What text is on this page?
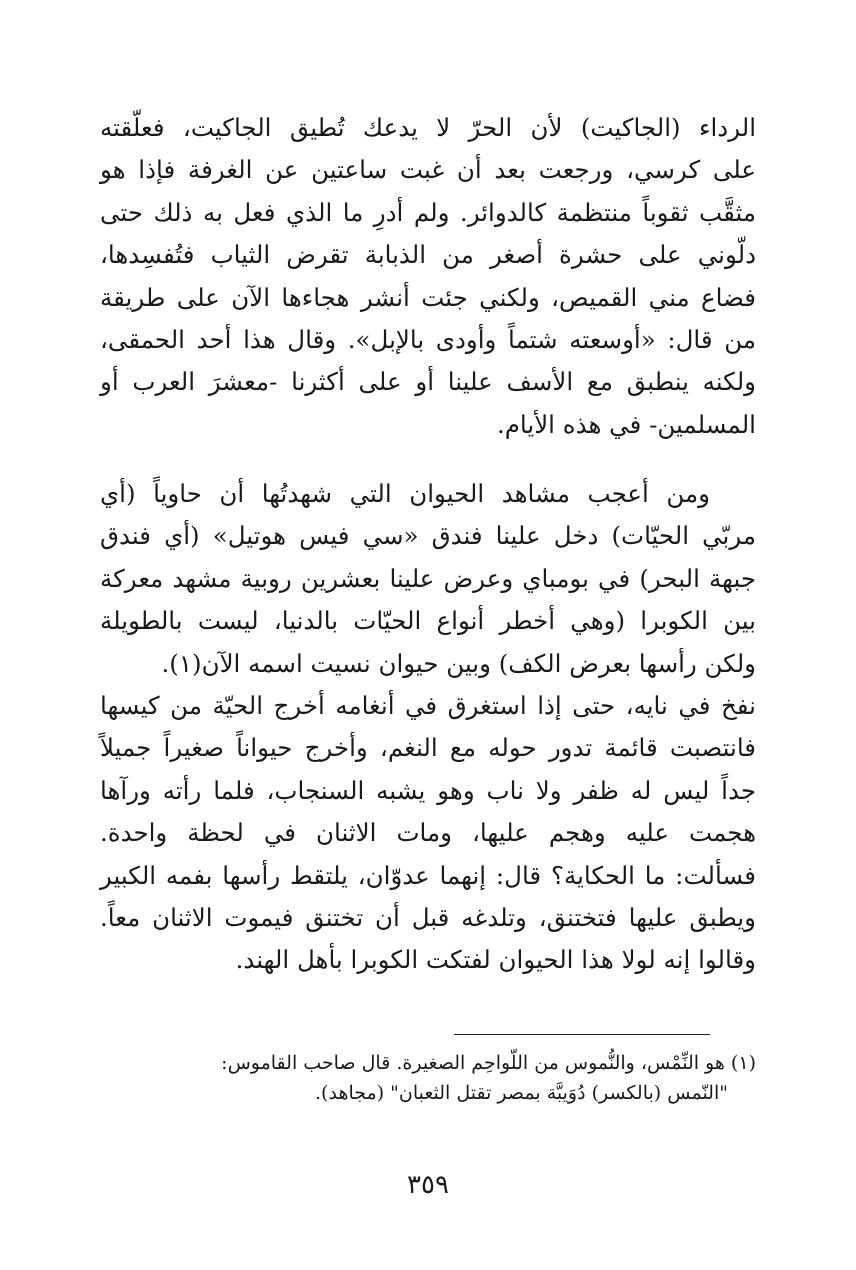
الرداء (الجاكيت) لأن الحرّ لا يدعك تُطيق الجاكيت، فعلّقته
على كرسي، ورجعت بعد أن غبت ساعتين عن الغرفة فإذا هو
مثقَّب ثقوباً منتظمة كالدوائر. ولم أدرِ ما الذي فعل به ذلك حتى
دلّوني على حشرة أصغر من الذبابة تقرض الثياب فتُفسِدها،
فضاع مني القميص، ولكني جئت أنشر هجاءها الآن على طريقة
من قال: «أوسعته شتماً وأودى بالإبل». وقال هذا أحد الحمقى،
ولكنه ينطبق مع الأسف علينا أو على أكثرنا -معشرَ العرب أو
المسلمين- في هذه الأيام.
ومن أعجب مشاهد الحيوان التي شهدتُها أن حاوياً (أي
مربّي الحيّات) دخل علينا فندق «سي فيس هوتيل» (أي فندق
جبهة البحر) في بومباي وعرض علينا بعشرين روبية مشهد معركة
بين الكوبرا (وهي أخطر أنواع الحيّات بالدنيا، ليست بالطويلة
ولكن رأسها بعرض الكف) وبين حيوان نسيت اسمه الآن(١).
نفخ في نايه، حتى إذا استغرق في أنغامه أخرج الحيّة من كيسها
فانتصبت قائمة تدور حوله مع النغم، وأخرج حيواناً صغيراً جميلاً
جداً ليس له ظفر ولا ناب وهو يشبه السنجاب، فلما رأته ورآها
هجمت عليه وهجم عليها، ومات الاثنان في لحظة واحدة.
فسألت: ما الحكاية؟ قال: إنهما عدوّان، يلتقط رأسها بفمه الكبير
ويطبق عليها فتختنق، وتلدغه قبل أن تختنق فيموت الاثنان معاً.
وقالوا إنه لولا هذا الحيوان لفتكت الكوبرا بأهل الهند.
(١) هو النِّمْس، والنُّموس من اللّواحِم الصغيرة. قال صاحب القاموس:
"النّمس (بالكسر) دُوَيبَّة بمصر تقتل الثعبان" (مجاهد).
٣٥٩
